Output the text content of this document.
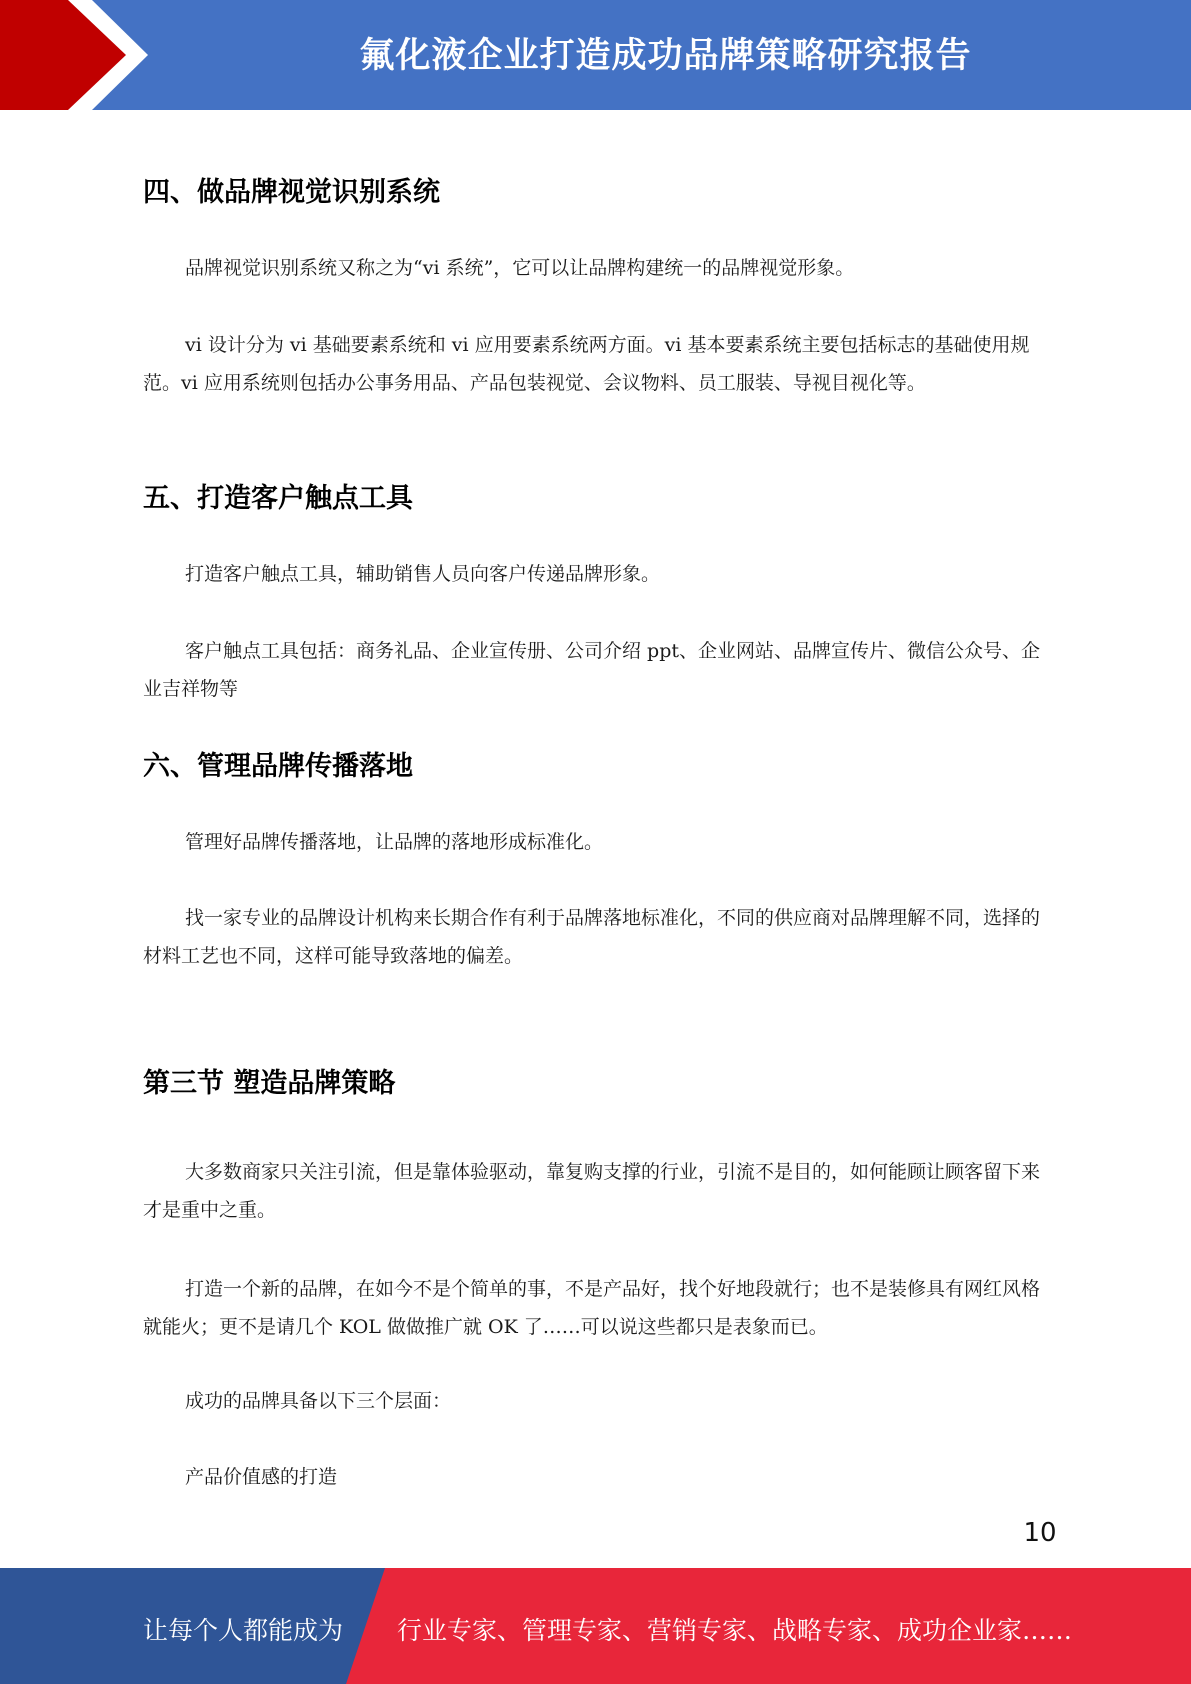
氟化液企业打造成功品牌策略研究报告
四、做品牌视觉识别系统
品牌视觉识别系统又称之为“vi 系统”，它可以让品牌构建统一的品牌视觉形象。
vi 设计分为 vi 基础要素系统和 vi 应用要素系统两方面。vi 基本要素系统主要包括标志的基础使用规范。vi 应用系统则包括办公事务用品、产品包装视觉、会议物料、员工服装、导视目视化等。
五、打造客户触点工具
打造客户触点工具，辅助销售人员向客户传递品牌形象。
客户触点工具包括：商务礼品、企业宣传册、公司介绍 ppt、企业网站、品牌宣传片、微信公众号、企业吉祥物等
六、管理品牌传播落地
管理好品牌传播落地，让品牌的落地形成标准化。
找一家专业的品牌设计机构来长期合作有利于品牌落地标准化，不同的供应商对品牌理解不同，选择的材料工艺也不同，这样可能导致落地的偏差。
第三节 塑造品牌策略
大多数商家只关注引流，但是靠体验驱动，靠复购支撑的行业，引流不是目的，如何能顾让顾客留下来才是重中之重。
打造一个新的品牌，在如今不是个简单的事，不是产品好，找个好地段就行；也不是装修具有网红风格就能火；更不是请几个 KOL 做做推广就 OK 了……可以说这些都只是表象而已。
成功的品牌具备以下三个层面：
产品价值感的打造
10
让每个人都能成为 行业专家、管理专家、营销专家、战略专家、成功企业家……
